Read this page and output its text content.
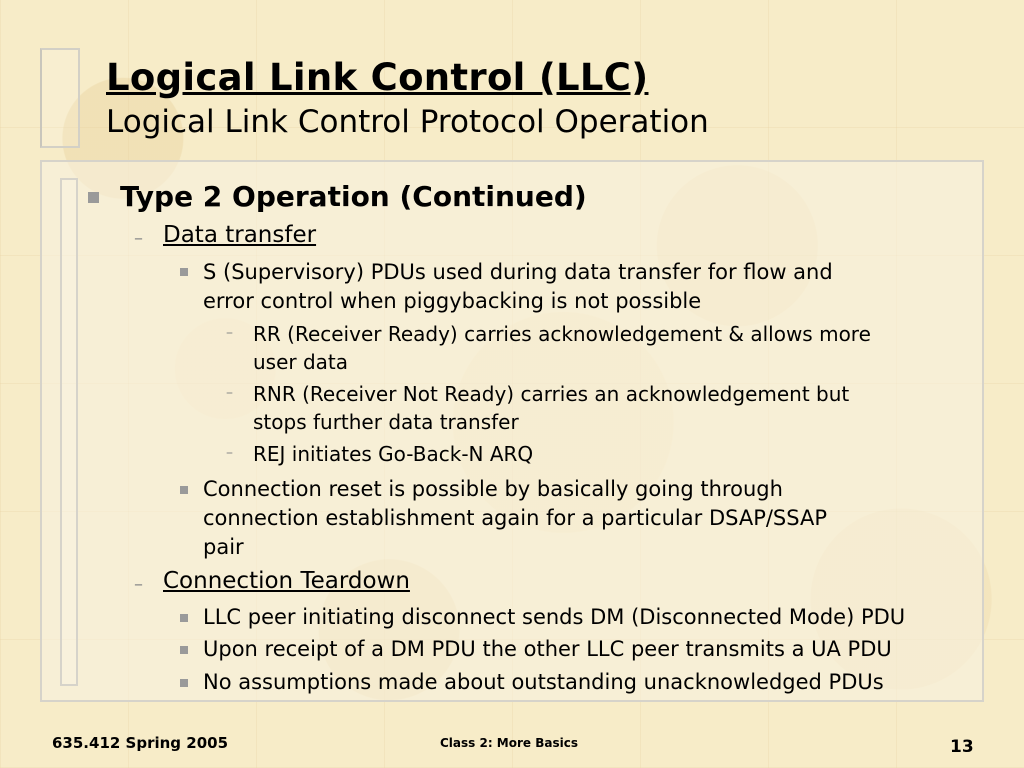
Logical Link Control (LLC)
Logical Link Control Protocol Operation
Type 2 Operation (Continued)
– Data transfer
S (Supervisory) PDUs used during data transfer for flow and
error control when piggybacking is not possible
– RR (Receiver Ready) carries acknowledgement & allows more
user data
– RNR (Receiver Not Ready) carries an acknowledgement but
stops further data transfer
– REJ initiates Go-Back-N ARQ
Connection reset is possible by basically going through
connection establishment again for a particular DSAP/SSAP
pair
– Connection Teardown
LLC peer initiating disconnect sends DM (Disconnected Mode) PDU
Upon receipt of a DM PDU the other LLC peer transmits a UA PDU
No assumptions made about outstanding unacknowledged PDUs
635.412 Spring 2005	Class 2: More Basics	13
